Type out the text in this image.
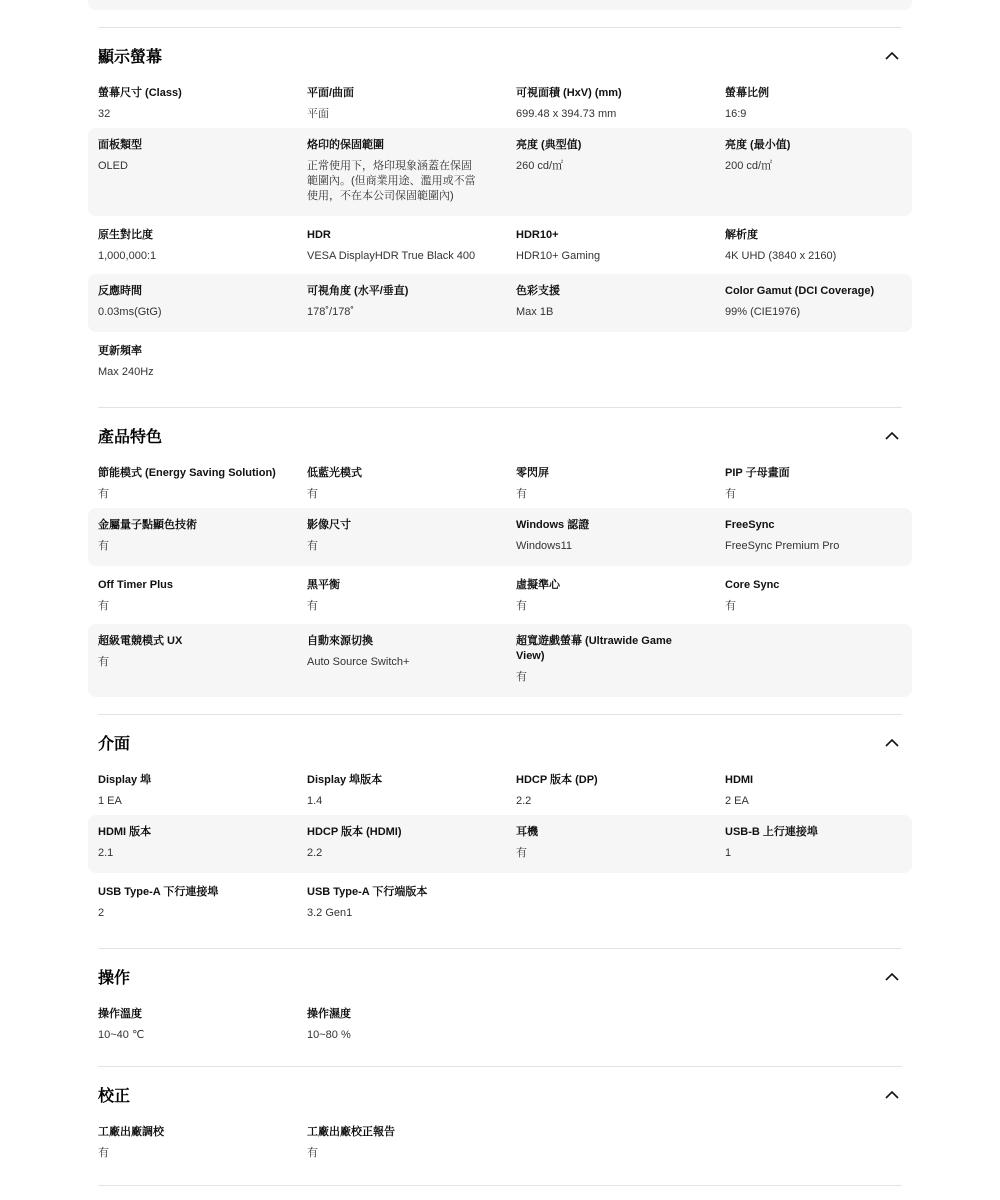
顯示螢幕
螢幕尺寸 (Class)
32
平面/曲面
平面
可視面積 (HxV) (mm)
699.48 x 394.73 mm
螢幕比例
16:9
面板類型
OLED
烙印的保固範圍
正常使用下，烙印現象涵蓋在保固範圍內。(但商業用途、濫用或不當使用，不在本公司保固範圍內)
亮度 (典型值)
260 cd/㎡
亮度 (最小值)
200 cd/㎡
原生對比度
1,000,000:1
HDR
VESA DisplayHDR True Black 400
HDR10+
HDR10+ Gaming
解析度
4K UHD (3840 x 2160)
反應時間
0.03ms(GtG)
可視角度 (水平/垂直)
178˚/178˚
色彩支援
Max 1B
Color Gamut (DCI Coverage)
99% (CIE1976)
更新頻率
Max 240Hz
產品特色
節能模式 (Energy Saving Solution)
有
低藍光模式
有
零閃屏
有
PIP 子母畫面
有
金屬量子點顯色技術
有
影像尺寸
有
Windows 認證
Windows11
FreeSync
FreeSync Premium Pro
Off Timer Plus
有
黑平衡
有
虛擬準心
有
Core Sync
有
超級電競模式 UX
有
自動來源切換
Auto Source Switch+
超寬遊戲螢幕 (Ultrawide Game View)
有
介面
Display 埠
1 EA
Display 埠版本
1.4
HDCP 版本 (DP)
2.2
HDMI
2 EA
HDMI 版本
2.1
HDCP 版本 (HDMI)
2.2
耳機
有
USB-B 上行連接埠
1
USB Type-A 下行連接埠
2
USB Type-A 下行端版本
3.2 Gen1
操作
操作溫度
10~40 ℃
操作濕度
10~80 %
校正
工廠出廠調校
有
工廠出廠校正報告
有
